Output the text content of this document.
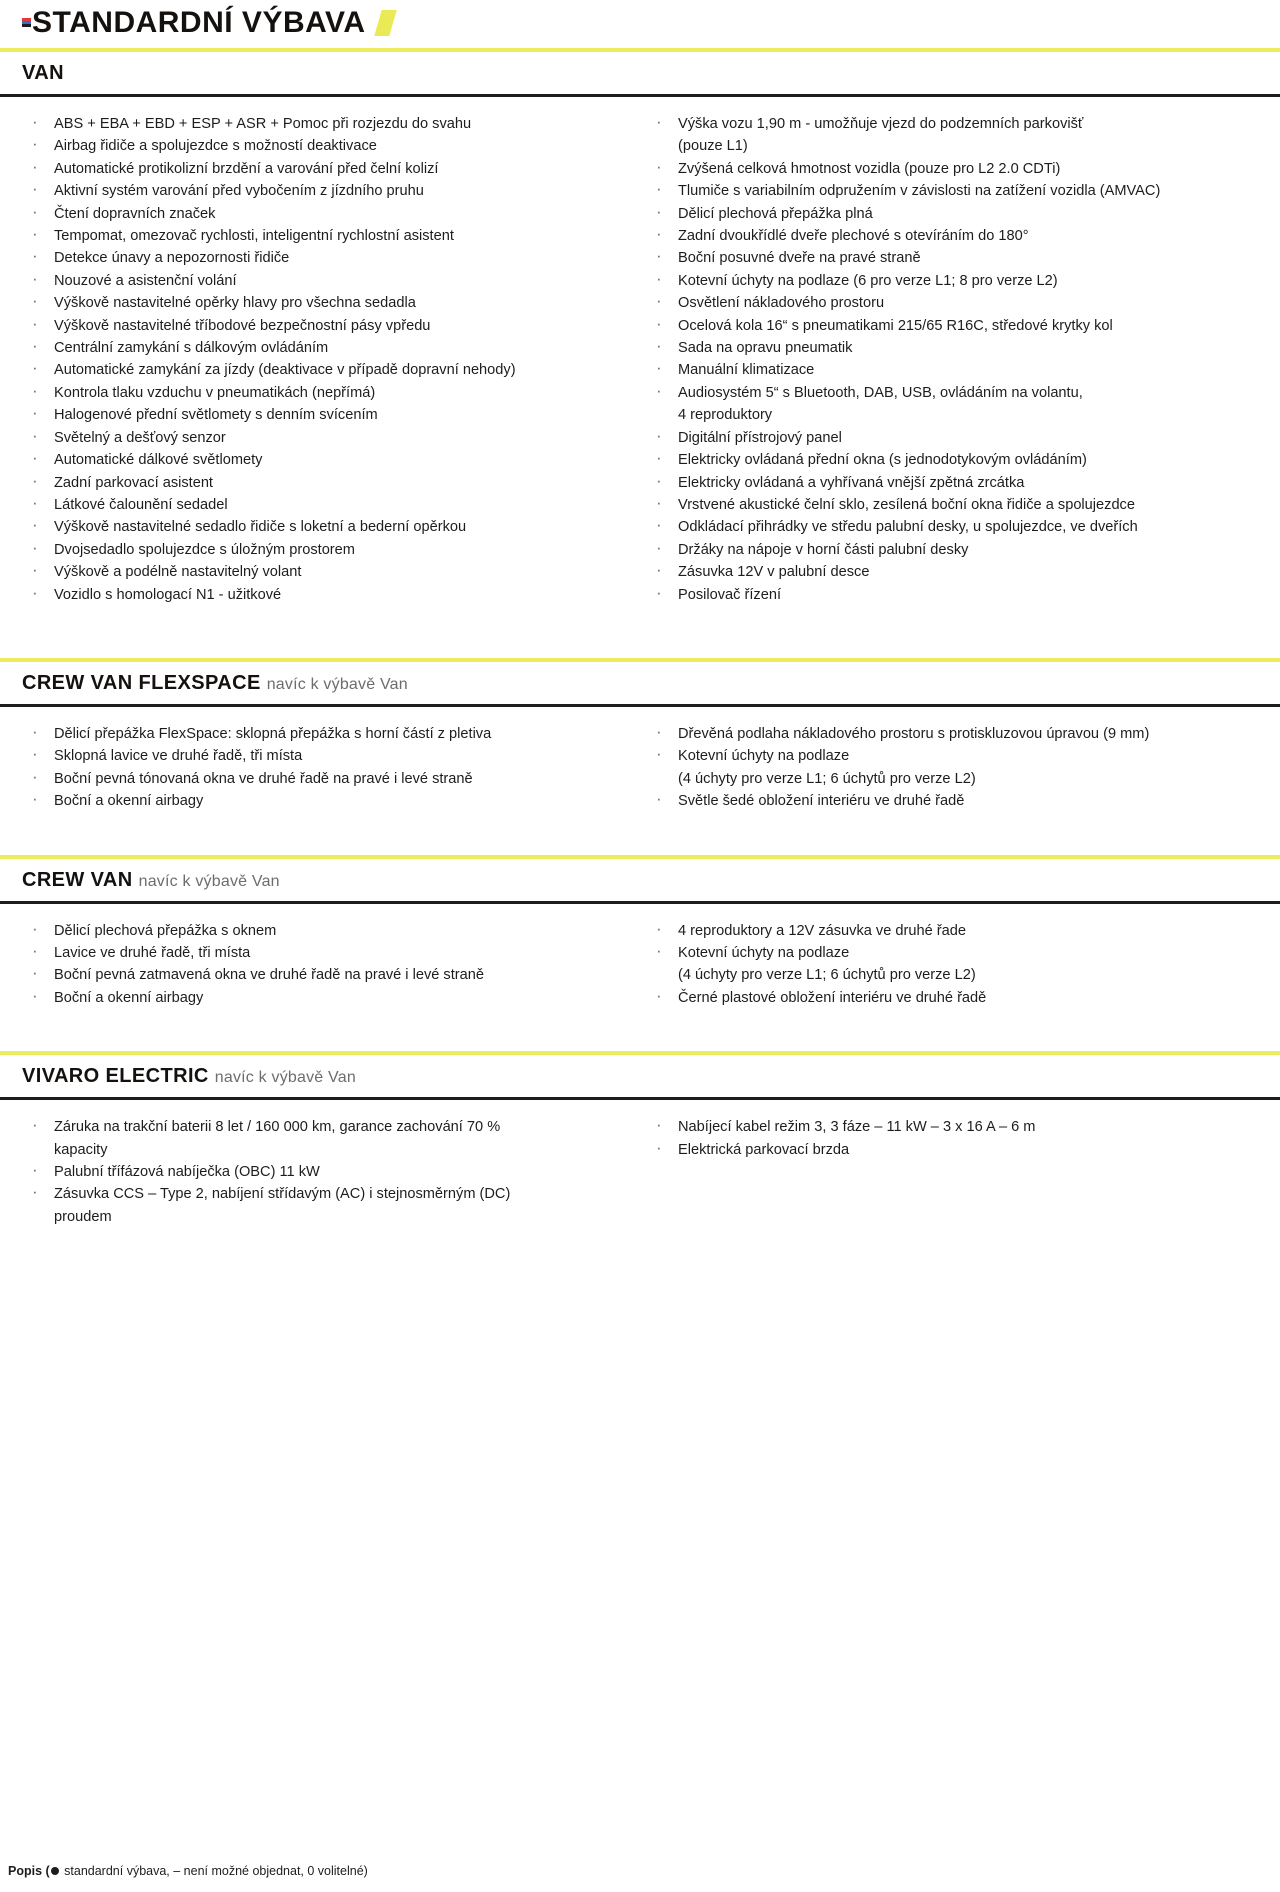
STANDARDNÍ VÝBAVA
VAN
· ABS + EBA + EBD + ESP + ASR + Pomoc při rozjezdu do svahu
· Airbag řidiče a spolujezdce s možností deaktivace
· Automatické protikolizní brzdění a varování před čelní kolizí
· Aktivní systém varování před vybočením z jízdního pruhu
· Čtení dopravních značek
· Tempomat, omezovač rychlosti, inteligentní rychlostní asistent
· Detekce únavy a nepozornosti řidiče
· Nouzové a asistenční volání
· Výškově nastavitelné opěrky hlavy pro všechna sedadla
· Výškově nastavitelné tříbodové bezpečnostní pásy vpředu
· Centrální zamykání s dálkovým ovládáním
· Automatické zamykání za jízdy (deaktivace v případě dopravní nehody)
· Kontrola tlaku vzduchu v pneumatikách (nepřímá)
· Halogenové přední světlomety s denním svícením
· Světelný a dešťový senzor
· Automatické dálkové světlomety
· Zadní parkovací asistent
· Látkové čalounění sedadel
· Výškově nastavitelné sedadlo řidiče s loketní a bederní opěrkou
· Dvojsedadlo spolujezdce s úložným prostorem
· Výškově a podélně nastavitelný volant
· Vozidlo s homologací N1 - užitkové
· Výška vozu 1,90 m - umožňuje vjezd do podzemních parkovišť
(pouze L1)
· Zvýšená celková hmotnost vozidla (pouze pro L2 2.0 CDTi)
· Tlumiče s variabilním odpružením v závislosti na zatížení vozidla (AMVAC)
· Dělicí plechová přepážka plná
· Zadní dvoukřídlé dveře plechové s otevíráním do 180°
· Boční posuvné dveře na pravé straně
· Kotevní úchyty na podlaze (6 pro verze L1; 8 pro verze L2)
· Osvětlení nákladového prostoru
· Ocelová kola 16“ s pneumatikami 215/65 R16C, středové krytky kol
· Sada na opravu pneumatik
· Manuální klimatizace
· Audiosystém 5“ s Bluetooth, DAB, USB, ovládáním na volantu,
4 reproduktory
· Digitální přístrojový panel
· Elektricky ovládaná přední okna (s jednodotykovým ovládáním)
· Elektricky ovládaná a vyhřívaná vnější zpětná zrcátka
· Vrstvené akustické čelní sklo, zesílená boční okna řidiče a spolujezdce
· Odkládací přihrádky ve středu palubní desky, u spolujezdce, ve dveřích
· Držáky na nápoje v horní části palubní desky
· Zásuvka 12V v palubní desce
· Posilovač řízení
CREW VAN FLEXSPACE navíc k výbavě Van
· Dělicí přepážka FlexSpace: sklopná přepážka s horní částí z pletiva
· Sklopná lavice ve druhé řadě, tři místa
· Boční pevná tónovaná okna ve druhé řadě na pravé i levé straně
· Boční a okenní airbagy
· Dřevěná podlaha nákladového prostoru s protiskluzovou úpravou (9 mm)
· Kotevní úchyty na podlaze
(4 úchyty pro verze L1; 6 úchytů pro verze L2)
· Světle šedé obložení interiéru ve druhé řadě
CREW VAN navíc k výbavě Van
· Dělicí plechová přepážka s oknem
· Lavice ve druhé řadě, tři místa
· Boční pevná zatmavená okna ve druhé řadě na pravé i levé straně
· Boční a okenní airbagy
· 4 reproduktory a 12V zásuvka ve druhé řade
· Kotevní úchyty na podlaze
(4 úchyty pro verze L1; 6 úchytů pro verze L2)
· Černé plastové obložení interiéru ve druhé řadě
VIVARO ELECTRIC navíc k výbavě Van
· Záruka na trakční baterii 8 let / 160 000 km, garance zachování 70 %
kapacity
· Palubní třífázová nabíječka (OBC) 11 kW
· Zásuvka CCS – Type 2, nabíjení střídavým (AC) i stejnosměrným (DC)
proudem
· Nabíjecí kabel režim 3, 3 fáze – 11 kW – 3 x 16 A – 6 m
· Elektrická parkovací brzda
Popis ( standardní výbava, – není možné objednat, 0 volitelné)
